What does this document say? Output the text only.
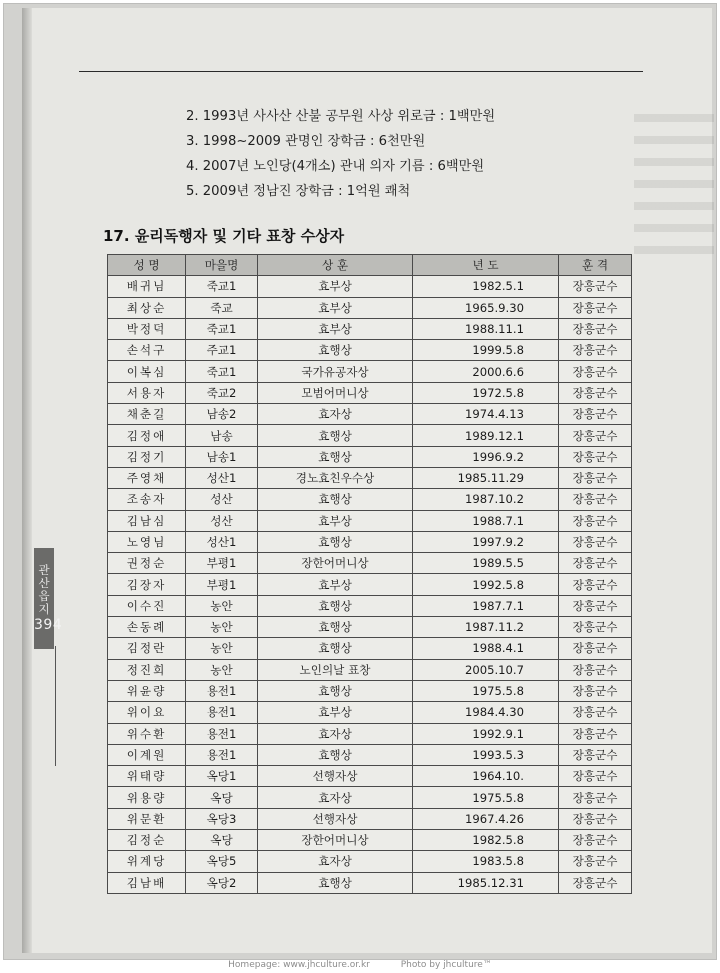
관산읍지
394
2. 1993년 사사산 산불 공무원 사상 위로금 : 1백만원
3. 1998~2009 관명인 장학금 : 6천만원
4. 2007년 노인당(4개소) 관내 의자 기름 : 6백만원
5. 2009년 정남진 장학금 : 1억원 쾌척
17. 윤리독행자 및 기타 표창 수상자
성 명	마을명	상 훈	년 도	훈 격
배귀님	죽교1	효부상	1982.5.1	장흥군수
최상순	죽교	효부상	1965.9.30	장흥군수
박정덕	죽교1	효부상	1988.11.1	장흥군수
손석구	주교1	효행상	1999.5.8	장흥군수
이복심	죽교1	국가유공자상	2000.6.6	장흥군수
서용자	죽교2	모범어머니상	1972.5.8	장흥군수
채춘길	남송2	효자상	1974.4.13	장흥군수
김정애	남송	효행상	1989.12.1	장흥군수
김정기	남송1	효행상	1996.9.2	장흥군수
주영채	성산1	경노효친우수상	1985.11.29	장흥군수
조송자	성산	효행상	1987.10.2	장흥군수
김남심	성산	효부상	1988.7.1	장흥군수
노영님	성산1	효행상	1997.9.2	장흥군수
권정순	부평1	장한어머니상	1989.5.5	장흥군수
김장자	부평1	효부상	1992.5.8	장흥군수
이수진	농안	효행상	1987.7.1	장흥군수
손동례	농안	효행상	1987.11.2	장흥군수
김정란	농안	효행상	1988.4.1	장흥군수
정진희	농안	노인의날 표창	2005.10.7	장흥군수
위윤량	용전1	효행상	1975.5.8	장흥군수
위이요	용전1	효부상	1984.4.30	장흥군수
위수환	용전1	효자상	1992.9.1	장흥군수
이계원	용전1	효행상	1993.5.3	장흥군수
위태량	옥당1	선행자상	1964.10.	장흥군수
위용량	옥당	효자상	1975.5.8	장흥군수
위문환	옥당3	선행자상	1967.4.26	장흥군수
김정순	옥당	장한어머니상	1982.5.8	장흥군수
위계당	옥당5	효자상	1983.5.8	장흥군수
김남배	옥당2	효행상	1985.12.31	장흥군수
Homepage: www.jhculture.or.kr	Photo by jhculture™
